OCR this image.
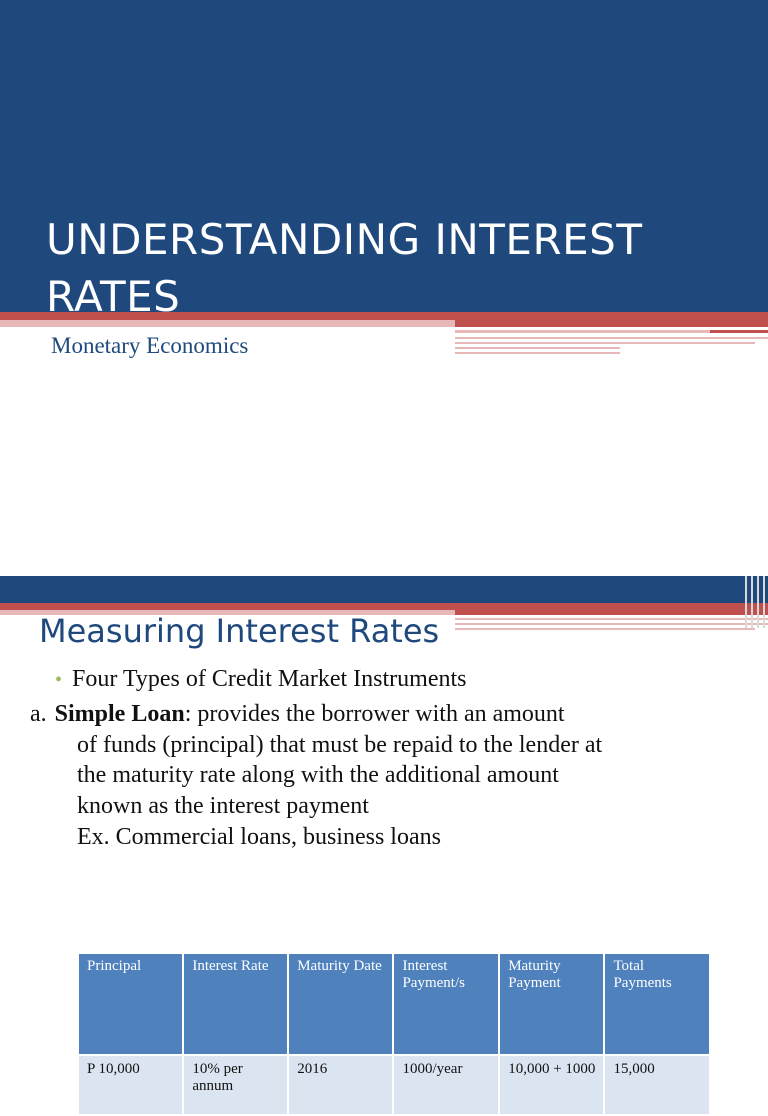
UNDERSTANDING INTEREST RATES

Monetary Economics

Measuring Interest Rates
• Four Types of Credit Market Instruments
a. Simple Loan: provides the borrower with an amount
of funds (principal) that must be repaid to the lender at
the maturity rate along with the additional amount
known as the interest payment
Ex. Commercial loans, business loans
Principal	Interest Rate	Maturity Date	Interest Payment/s	Maturity Payment	Total Payments
P 10,000	10% per annum	2016	1000/year	10,000 + 1000	15,000
